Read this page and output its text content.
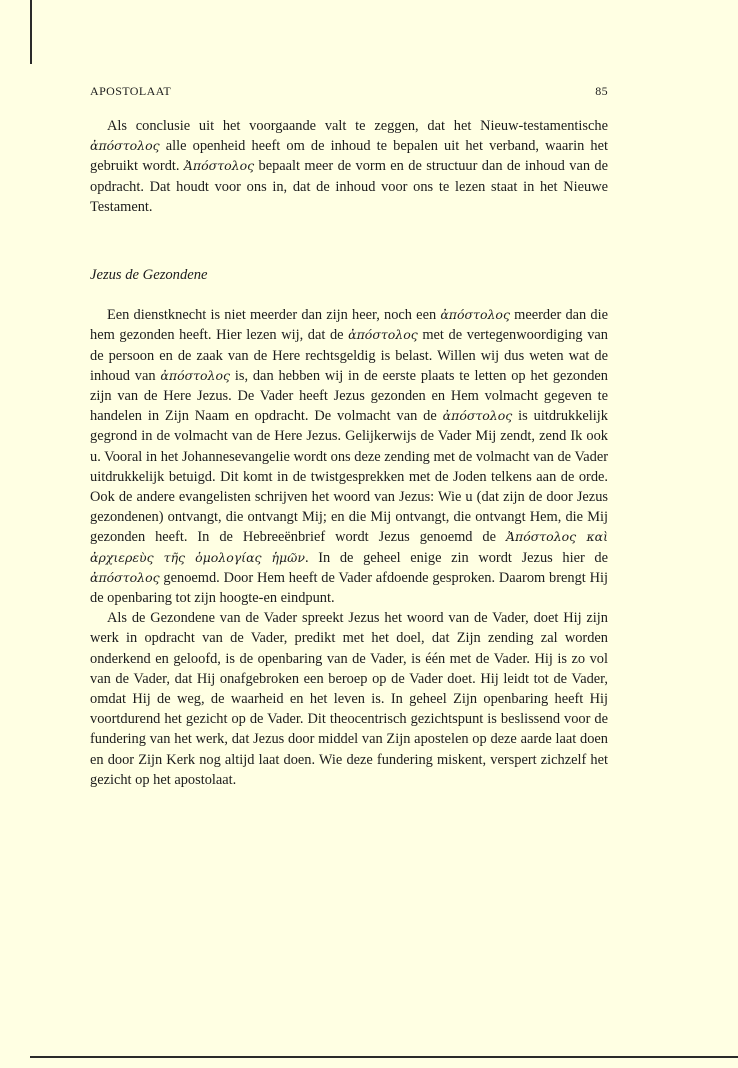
APOSTOLAAT	85

Als conclusie uit het voorgaande valt te zeggen, dat het Nieuw-testamentische ἀπόστολος alle openheid heeft om de inhoud te bepalen uit het verband, waarin het gebruikt wordt. Ἀπόστολος bepaalt meer de vorm en de structuur dan de inhoud van de opdracht. Dat houdt voor ons in, dat de inhoud voor ons te lezen staat in het Nieuwe Testament.

Jezus de Gezondene

Een dienstknecht is niet meerder dan zijn heer, noch een ἀπόστολος meerder dan die hem gezonden heeft. Hier lezen wij, dat de ἀπόστολος met de vertegenwoordiging van de persoon en de zaak van de Here rechtsgeldig is belast. Willen wij dus weten wat de inhoud van ἀπόστολος is, dan hebben wij in de eerste plaats te letten op het gezonden zijn van de Here Jezus. De Vader heeft Jezus gezonden en Hem volmacht gegeven te handelen in Zijn Naam en opdracht. De volmacht van de ἀπόστολος is uitdrukkelijk gegrond in de volmacht van de Here Jezus. Gelijkerwijs de Vader Mij zendt, zend Ik ook u. Vooral in het Johannesevangelie wordt ons deze zending met de volmacht van de Vader uitdrukkelijk betuigd. Dit komt in de twistgesprekken met de Joden telkens aan de orde. Ook de andere evangelisten schrijven het woord van Jezus: Wie u (dat zijn de door Jezus gezondenen) ontvangt, die ontvangt Mij; en die Mij ontvangt, die ontvangt Hem, die Mij gezonden heeft. In de Hebreeënbrief wordt Jezus genoemd de Ἀπόστολος καὶ ἀρχιερεὺς τῆς ὁμολογίας ἡμῶν. In de geheel enige zin wordt Jezus hier de ἀπόστολος genoemd. Door Hem heeft de Vader afdoende gesproken. Daarom brengt Hij de openbaring tot zijn hoogte-en eindpunt.

Als de Gezondene van de Vader spreekt Jezus het woord van de Vader, doet Hij zijn werk in opdracht van de Vader, predikt met het doel, dat Zijn zending zal worden onderkend en geloofd, is de openbaring van de Vader, is één met de Vader. Hij is zo vol van de Vader, dat Hij onafgebroken een beroep op de Vader doet. Hij leidt tot de Vader, omdat Hij de weg, de waarheid en het leven is. In geheel Zijn openbaring heeft Hij voortdurend het gezicht op de Vader. Dit theocentrisch gezichtspunt is beslissend voor de fundering van het werk, dat Jezus door middel van Zijn apostelen op deze aarde laat doen en door Zijn Kerk nog altijd laat doen. Wie deze fundering miskent, verspert zichzelf het gezicht op het apostolaat.
